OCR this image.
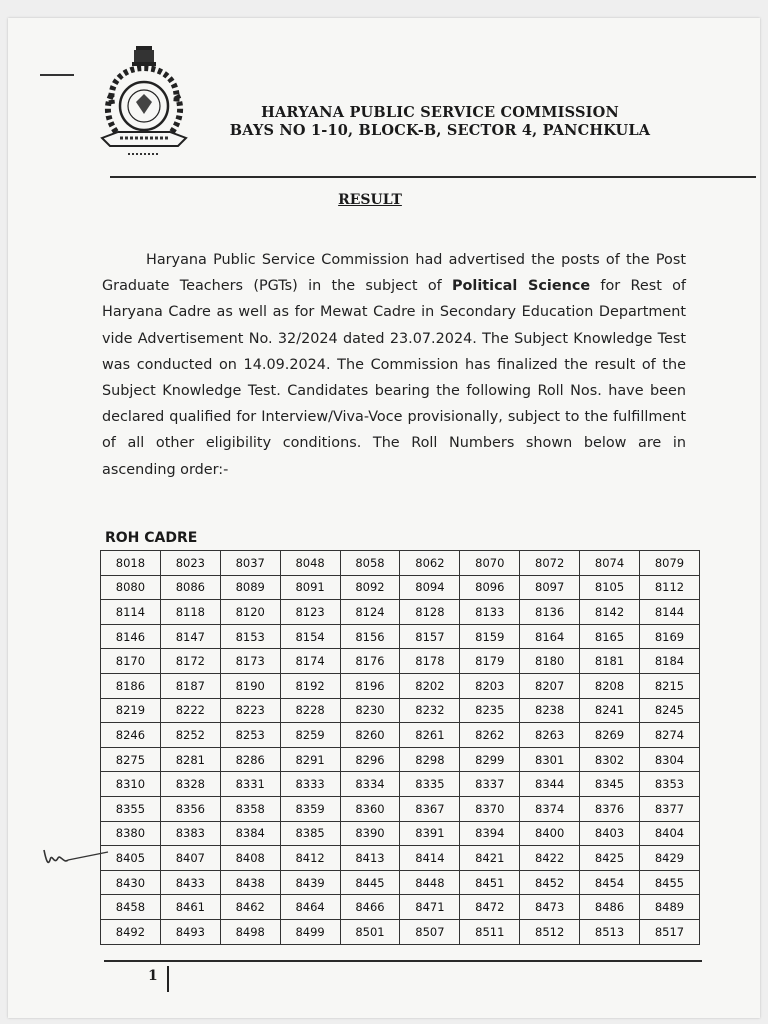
HARYANA PUBLIC SERVICE COMMISSION
BAYS NO 1-10, BLOCK-B, SECTOR 4, PANCHKULA
RESULT
Haryana Public Service Commission had advertised the posts of the Post Graduate Teachers (PGTs) in the subject of Political Science for Rest of Haryana Cadre as well as for Mewat Cadre in Secondary Education Department vide Advertisement No. 32/2024 dated 23.07.2024. The Subject Knowledge Test was conducted on 14.09.2024. The Commission has finalized the result of the Subject Knowledge Test. Candidates bearing the following Roll Nos. have been declared qualified for Interview/Viva-Voce provisionally, subject to the fulfillment of all other eligibility conditions. The Roll Numbers shown below are in ascending order:-
ROH CADRE
8018	8023	8037	8048	8058	8062	8070	8072	8074	8079
8080	8086	8089	8091	8092	8094	8096	8097	8105	8112
8114	8118	8120	8123	8124	8128	8133	8136	8142	8144
8146	8147	8153	8154	8156	8157	8159	8164	8165	8169
8170	8172	8173	8174	8176	8178	8179	8180	8181	8184
8186	8187	8190	8192	8196	8202	8203	8207	8208	8215
8219	8222	8223	8228	8230	8232	8235	8238	8241	8245
8246	8252	8253	8259	8260	8261	8262	8263	8269	8274
8275	8281	8286	8291	8296	8298	8299	8301	8302	8304
8310	8328	8331	8333	8334	8335	8337	8344	8345	8353
8355	8356	8358	8359	8360	8367	8370	8374	8376	8377
8380	8383	8384	8385	8390	8391	8394	8400	8403	8404
8405	8407	8408	8412	8413	8414	8421	8422	8425	8429
8430	8433	8438	8439	8445	8448	8451	8452	8454	8455
8458	8461	8462	8464	8466	8471	8472	8473	8486	8489
8492	8493	8498	8499	8501	8507	8511	8512	8513	8517
1
